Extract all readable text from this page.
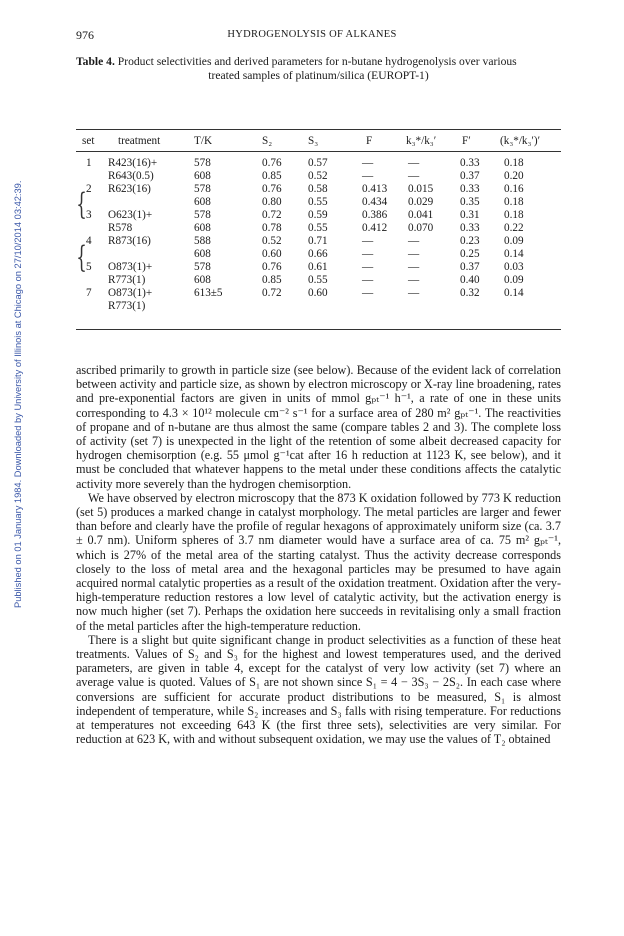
Published on 01 January 1984. Downloaded by University of Illinois at Chicago on 27/10/2014 03:42:39.
976	HYDROGENOLYSIS OF ALKANES
Table 4. Product selectivities and derived parameters for n-butane hydrogenolysis over various
treated samples of platinum/silica (EUROPT-1)
set	treatment	T/K	S₂	S₃	F	k₃*/k₃′	F′	(k₃*/k₃′)′

1	R423(16)+	578	0.76	0.57	—	—	0.33	0.18
	R643(0.5)	608	0.85	0.52	—	—	0.37	0.20
2	R623(16)	578	0.76	0.58	0.413	0.015	0.33	0.16
		608	0.80	0.55	0.434	0.029	0.35	0.18
3	O623(1)+	578	0.72	0.59	0.386	0.041	0.31	0.18
	R578	608	0.78	0.55	0.412	0.070	0.33	0.22
4	R873(16)	588	0.52	0.71	—	—	0.23	0.09
		608	0.60	0.66	—	—	0.25	0.14
5	O873(1)+	578	0.76	0.61	—	—	0.37	0.03
	R773(1)	608	0.85	0.55	—	—	0.40	0.09
7	O873(1)+	613±5	0.72	0.60	—	—	0.32	0.14
	R773(1)							
{
{

ascribed primarily to growth in particle size (see below). Because of the evident lack of correlation between activity and particle size, as shown by electron microscopy or X-ray line broadening, rates and pre-exponential factors are given in units of mmol gₚₜ⁻¹ h⁻¹, a rate of one in these units corresponding to 4.3 × 10¹² molecule cm⁻² s⁻¹ for a surface area of 280 m² gₚₜ⁻¹. The reactivities of propane and of n-butane are thus almost the same (compare tables 2 and 3). The complete loss of activity (set 7) is unexpected in the light of the retention of some albeit decreased capacity for hydrogen chemisorption (e.g. 55 μmol g⁻¹cat after 16 h reduction at 1123 K, see below), and it must be concluded that whatever happens to the metal under these conditions affects the catalytic activity more severely than the hydrogen chemisorption.

We have observed by electron microscopy that the 873 K oxidation followed by 773 K reduction (set 5) produces a marked change in catalyst morphology. The metal particles are larger and fewer than before and clearly have the profile of regular hexagons of approximately uniform size (ca. 3.7 ± 0.7 nm). Uniform spheres of 3.7 nm diameter would have a surface area of ca. 75 m² gₚₜ⁻¹, which is 27% of the metal area of the starting catalyst. Thus the activity decrease corresponds closely to the loss of metal area and the hexagonal particles may be presumed to have again acquired normal catalytic properties as a result of the oxidation treatment. Oxidation after the very-high-temperature reduction restores a low level of catalytic activity, but the activation energy is now much higher (set 7). Perhaps the oxidation here succeeds in revitalising only a small fraction of the metal particles after the high-temperature reduction.

There is a slight but quite significant change in product selectivities as a function of these heat treatments. Values of S₂ and S₃ for the highest and lowest temperatures used, and the derived parameters, are given in table 4, except for the catalyst of very low activity (set 7) where an average value is quoted. Values of S₁ are not shown since S₁ = 4 − 3S₃ − 2S₂. In each case where conversions are sufficient for accurate product distributions to be measured, S₁ is almost independent of temperature, while S₂ increases and S₃ falls with rising temperature. For reductions at temperatures not exceeding 643 K (the first three sets), selectivities are very similar. For reduction at 623 K, with and without subsequent oxidation, we may use the values of T₂ obtained
